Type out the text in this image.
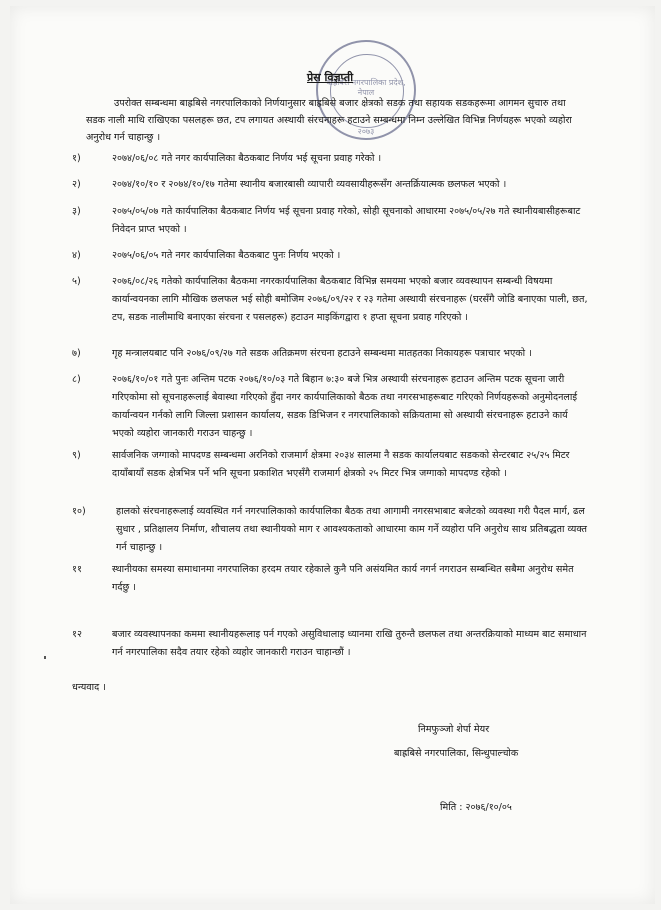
बाह्रबिसे नगरपालिका प्रदेश, नेपाल
२०७३
प्रेस विज्ञप्ती
उपरोक्त सम्बन्धमा बाह्रबिसे नगरपालिकाको निर्णयानुसार बाह्रबिसे बजार क्षेत्रको सडक तथा सहायक सडकहरूमा आगमन सुचारु तथा सडक नाली माथि राखिएका पसलहरू छत, टप लगायत अस्थायी संरचनाहरू हटाउने सम्बन्धमा निम्न उल्लेखित विभिन्न निर्णयहरू भएको व्यहोरा अनुरोध गर्न चाहान्छु ।
१)	२०७४/०६/०८ गते नगर कार्यपालिका बैठकबाट निर्णय भई सूचना प्रवाह गरेको ।
२)	२०७४/१०/१० र २०७४/१०/१७ गतेमा स्थानीय बजारबासी व्यापारी व्यवसायीहरूसँग अन्तर्क्रियात्मक छलफल भएको ।
३)	२०७५/०५/०७ गते कार्यपालिका बैठकबाट निर्णय भई सूचना प्रवाह गरेको, सोही सूचनाको आधारमा २०७५/०५/२७ गते स्थानीयबासीहरूबाट निवेदन प्राप्त भएको ।
४)	२०७५/०६/०५ गते नगर कार्यपालिका बैठकबाट पुनः निर्णय भएको ।
५)	२०७६/०८/२६ गतेको कार्यपालिका बैठकमा नगरकार्यपालिका बैठकबाट विभिन्न समयमा भएको बजार व्यवस्थापन सम्बन्धी विषयमा कार्यान्वयनका लागि मौखिक छलफल भई सोही बमोजिम २०७६/०९/२२ र २३ गतेमा अस्थायी संरचनाहरू (घरसँगै जोडि बनाएका पाली, छत, टप, सडक नालीमाथि बनाएका संरचना र पसलहरू) हटाउन माइकिंगद्वारा १ हप्ता सूचना प्रवाह गरिएको ।
७)	गृह मन्त्रालयबाट पनि २०७६/०९/२७ गते सडक अतिक्रमण संरचना हटाउने सम्बन्धमा मातहतका निकायहरू पत्राचार भएको ।
८)	२०७६/१०/०१ गते पुनः अन्तिम पटक २०७६/१०/०३ गते बिहान ७:३० बजे भित्र अस्थायी संरचनाहरू हटाउन अन्तिम पटक सूचना जारी गरिएकोमा सो सूचनाहरूलाई बेवास्था गरिएको हुँदा नगर कार्यपालिकाको बैठक तथा नगरसभाहरूबाट गरिएको निर्णयहरूको अनुमोदनलाई कार्यान्वयन गर्नको लागि जिल्ला प्रशासन कार्यालय, सडक डिभिजन र नगरपालिकाको सक्रियतामा सो अस्थायी संरचनाहरू हटाउने कार्य भएको व्यहोरा जानकारी गराउन चाहन्छु ।
९)	सार्वजनिक जग्गाको मापदण्ड सम्बन्धमा अरनिको राजमार्ग क्षेत्रमा २०३४ सालमा नै सडक कार्यालयबाट सडकको सेन्टरबाट २५/२५ मिटर दायाँबायाँ सडक क्षेत्रभित्र पर्ने भनि सूचना प्रकाशित भएसँगै राजमार्ग क्षेत्रको २५ मिटर भित्र जग्गाको मापदण्ड रहेको ।
१०)	हालको संरचनाहरूलाई व्यवस्थित गर्न नगरपालिकाको कार्यपालिका बैठक तथा आगामी नगरसभाबाट बजेटको व्यवस्था गरी पैदल मार्ग, ढल सुधार , प्रतिक्षालय निर्माण, शौचालय तथा स्थानीयको माग र आवश्यकताको आधारमा काम गर्ने व्यहोरा पनि अनुरोध साथ प्रतिबद्धता व्यक्त गर्न चाहान्छु ।
११	स्थानीयका समस्या समाधानमा नगरपालिका हरदम तयार रहेकाले कुनै पनि असंयमित कार्य नगर्न नगराउन सम्बन्धित सबैमा अनुरोध समेत गर्दछु ।
१२	बजार व्यवस्थापनका कममा स्थानीयहरूलाइ पर्न गएको असुविधालाइ ध्यानमा राखि तुरुन्तै छलफल तथा अन्तरक्रियाको माध्यम बाट समाधान गर्न नगरपालिका सदैव तयार रहेको व्यहोर जानकारी गराउन चाहान्छौं ।
धन्यवाद ।
निमफुञ्जो शेर्पा मेयर
बाह्रबिसे नगरपालिका, सिन्धुपाल्चोक
मिति : २०७६/१०/०५
